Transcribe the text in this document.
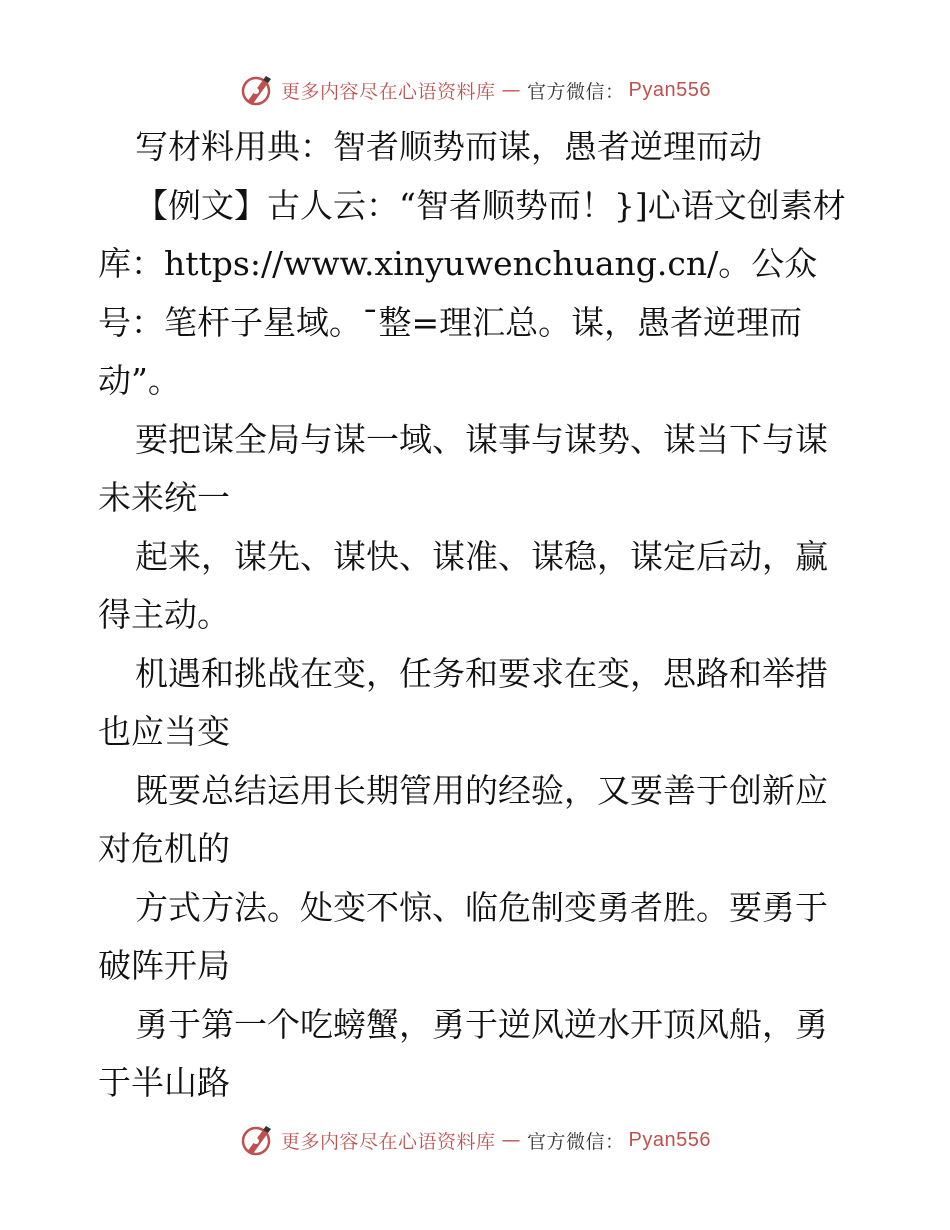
更多内容尽在心语资料库 — 官方微信： Pyan556

写材料用典：智者顺势而谋，愚者逆理而动

【例文】古人云：“智者顺势而！}]心语文创素材库：https://www.xinyuwenchuang.cn/。公众号：笔杆子星域。¯整=理汇总。谋，愚者逆理而动”。

要把谋全局与谋一域、谋事与谋势、谋当下与谋未来统一

起来，谋先、谋快、谋准、谋稳，谋定后动，赢得主动。

机遇和挑战在变，任务和要求在变，思路和举措也应当变

既要总结运用长期管用的经验，又要善于创新应对危机的

方式方法。处变不惊、临危制变勇者胜。要勇于破阵开局

勇于第一个吃螃蟹，勇于逆风逆水开顶风船，勇于半山路

更多内容尽在心语资料库 — 官方微信： Pyan556
